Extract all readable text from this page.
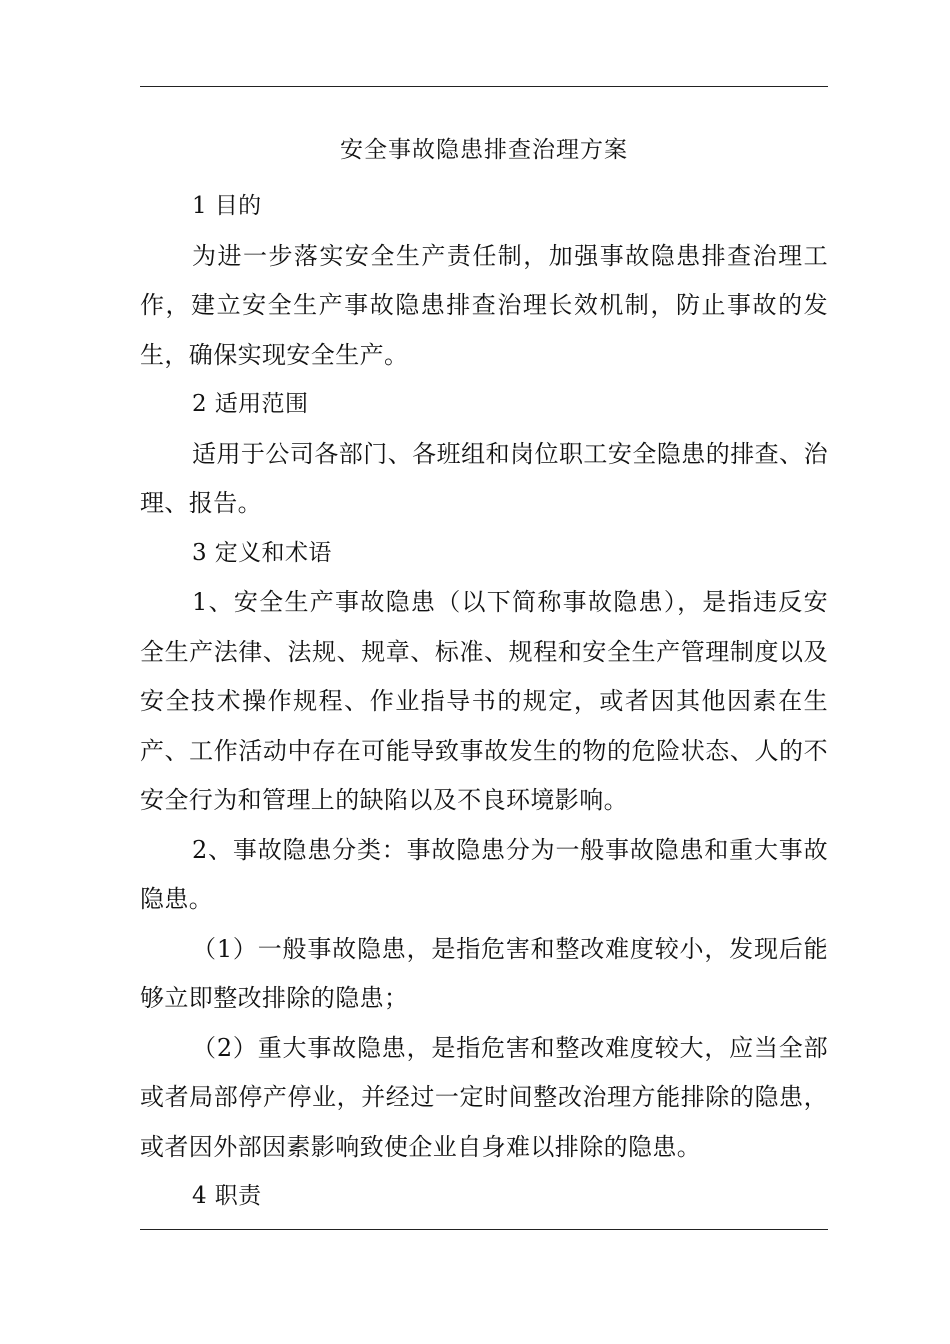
安全事故隐患排查治理方案

1 目的

为进一步落实安全生产责任制，加强事故隐患排查治理工作，建立安全生产事故隐患排查治理长效机制，防止事故的发生，确保实现安全生产。

2 适用范围

适用于公司各部门、各班组和岗位职工安全隐患的排查、治理、报告。

3 定义和术语

1、安全生产事故隐患（以下简称事故隐患），是指违反安全生产法律、法规、规章、标准、规程和安全生产管理制度以及安全技术操作规程、作业指导书的规定，或者因其他因素在生产、工作活动中存在可能导致事故发生的物的危险状态、人的不安全行为和管理上的缺陷以及不良环境影响。

2、事故隐患分类：事故隐患分为一般事故隐患和重大事故隐患。

（1）一般事故隐患，是指危害和整改难度较小，发现后能够立即整改排除的隐患；

（2）重大事故隐患，是指危害和整改难度较大，应当全部或者局部停产停业，并经过一定时间整改治理方能排除的隐患，或者因外部因素影响致使企业自身难以排除的隐患。

4 职责
